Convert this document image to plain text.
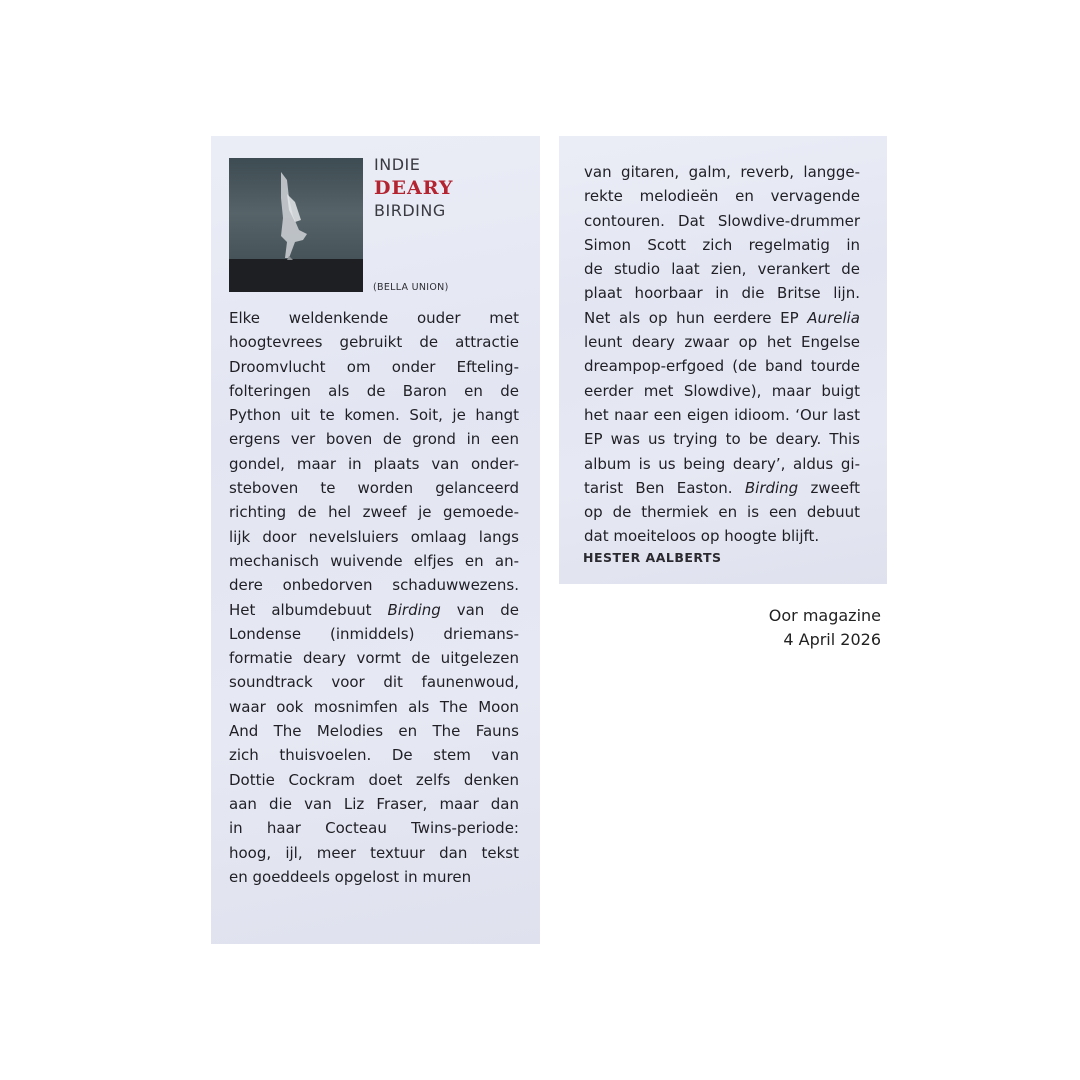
INDIE
DEARY
BIRDING
(BELLA UNION)
Elke weldenkende ouder met
hoogtevrees gebruikt de attractie
Droomvlucht om onder Efteling-
folteringen als de Baron en de
Python uit te komen. Soit, je hangt
ergens ver boven de grond in een
gondel, maar in plaats van onder-
steboven te worden gelanceerd
richting de hel zweef je gemoede-
lijk door nevelsluiers omlaag langs
mechanisch wuivende elfjes en an-
dere onbedorven schaduwwezens.
Het albumdebuut Birding van de
Londense (inmiddels) driemans-
formatie deary vormt de uitgelezen
soundtrack voor dit faunenwoud,
waar ook mosnimfen als The Moon
And The Melodies en The Fauns
zich thuisvoelen. De stem van
Dottie Cockram doet zelfs denken
aan die van Liz Fraser, maar dan
in haar Cocteau Twins-periode:
hoog, ijl, meer textuur dan tekst
en goeddeels opgelost in muren
van gitaren, galm, reverb, langge-
rekte melodieën en vervagende
contouren. Dat Slowdive-drummer
Simon Scott zich regelmatig in
de studio laat zien, verankert de
plaat hoorbaar in die Britse lijn.
Net als op hun eerdere EP Aurelia
leunt deary zwaar op het Engelse
dreampop-erfgoed (de band tourde
eerder met Slowdive), maar buigt
het naar een eigen idioom. ‘Our last
EP was us trying to be deary. This
album is us being deary’, aldus gi-
tarist Ben Easton. Birding zweeft
op de thermiek en is een debuut
dat moeiteloos op hoogte blijft.
HESTER AALBERTS
Oor magazine
4 April 2026
